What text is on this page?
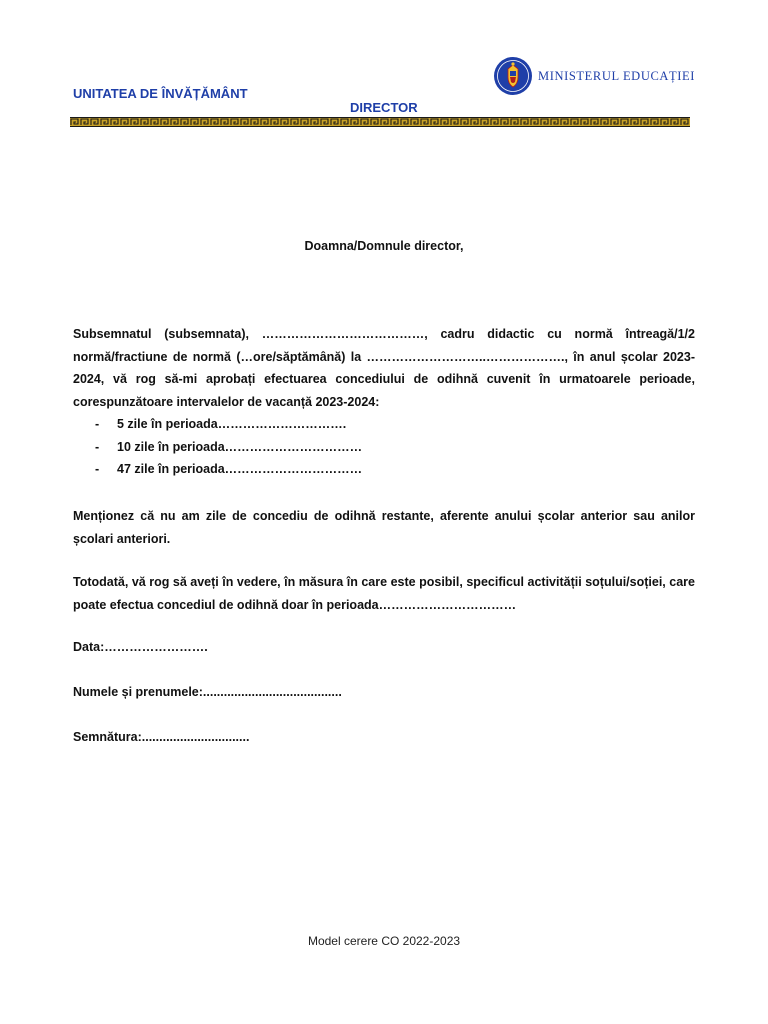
UNITATEA DE ÎNVĂȚĂMÂNT
MINISTERUL EDUCAȚIEI
DIRECTOR
Doamna/Domnule director,
Subsemnatul (subsemnata), …………………………………, cadru didactic cu normă întreagă/1/2 normă/fractiune de normă (…ore/săptămână) la ………………………..………………., în anul școlar 2023-2024, vă rog să-mi aprobați efectuarea concediului de odihnă cuvenit în urmatoarele perioade, corespunzătoare intervalelor de vacanță 2023-2024:
- 5 zile în perioada………………………….
- 10 zile în perioada……………………………
- 47 zile în perioada……………………………
Menționez că nu am zile de concediu de odihnă restante, aferente anului școlar anterior sau anilor școlari anteriori.
Totodată, vă rog să aveți în vedere, în măsura în care este posibil, specificul activității soțului/soției, care poate efectua concediul de odihnă doar în perioada……………………………
Data:…………………….
Numele și prenumele:........................................
Semnătura:...............................
Model cerere CO 2022-2023
